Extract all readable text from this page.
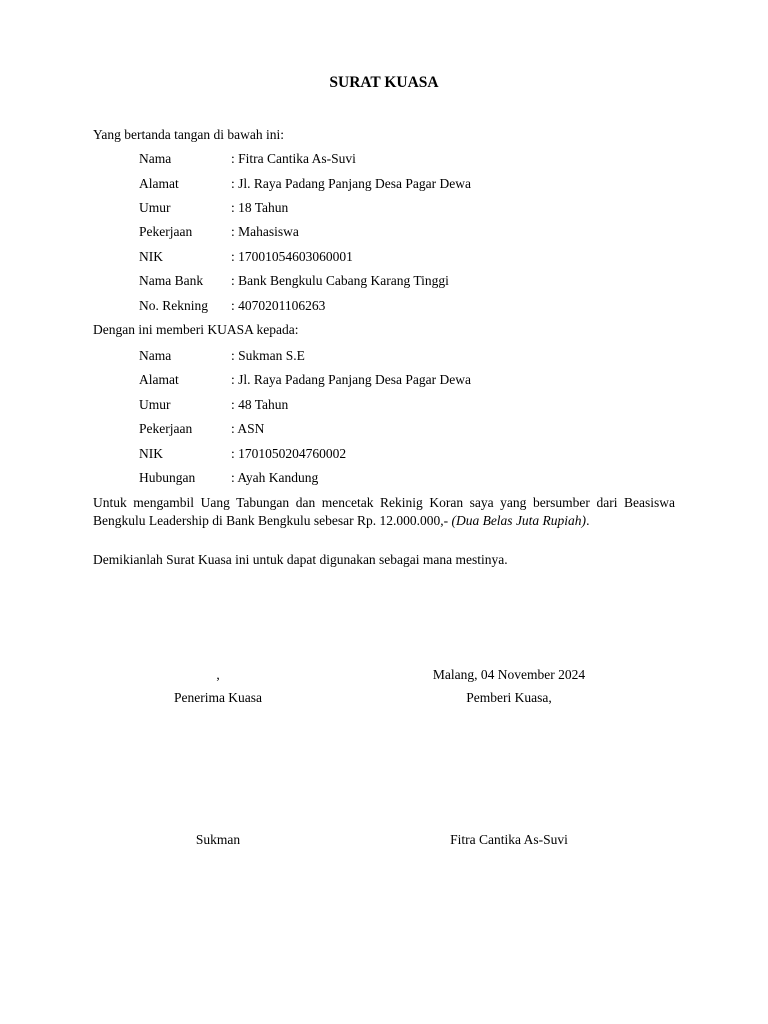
SURAT KUASA
Yang bertanda tangan di bawah ini:
Nama	: Fitra Cantika As-Suvi
Alamat	: Jl. Raya Padang Panjang Desa Pagar Dewa
Umur	: 18 Tahun
Pekerjaan	: Mahasiswa
NIK	: 17001054603060001
Nama Bank : Bank Bengkulu Cabang Karang Tinggi
No. Rekning : 4070201106263
Dengan ini memberi KUASA kepada:
Nama	: Sukman S.E
Alamat	: Jl. Raya Padang Panjang Desa Pagar Dewa
Umur	: 48 Tahun
Pekerjaan	: ASN
NIK	: 1701050204760002
Hubungan	: Ayah Kandung
Untuk mengambil Uang Tabungan dan mencetak Rekinig Koran saya yang bersumber dari Beasiswa Bengkulu Leadership di Bank Bengkulu sebesar Rp. 12.000.000,- (Dua Belas Juta Rupiah).
Demikianlah Surat Kuasa ini untuk dapat digunakan sebagai mana mestinya.
,	Malang, 04 November 2024
Penerima Kuasa	Pemberi Kuasa,
Sukman	Fitra Cantika As-Suvi
